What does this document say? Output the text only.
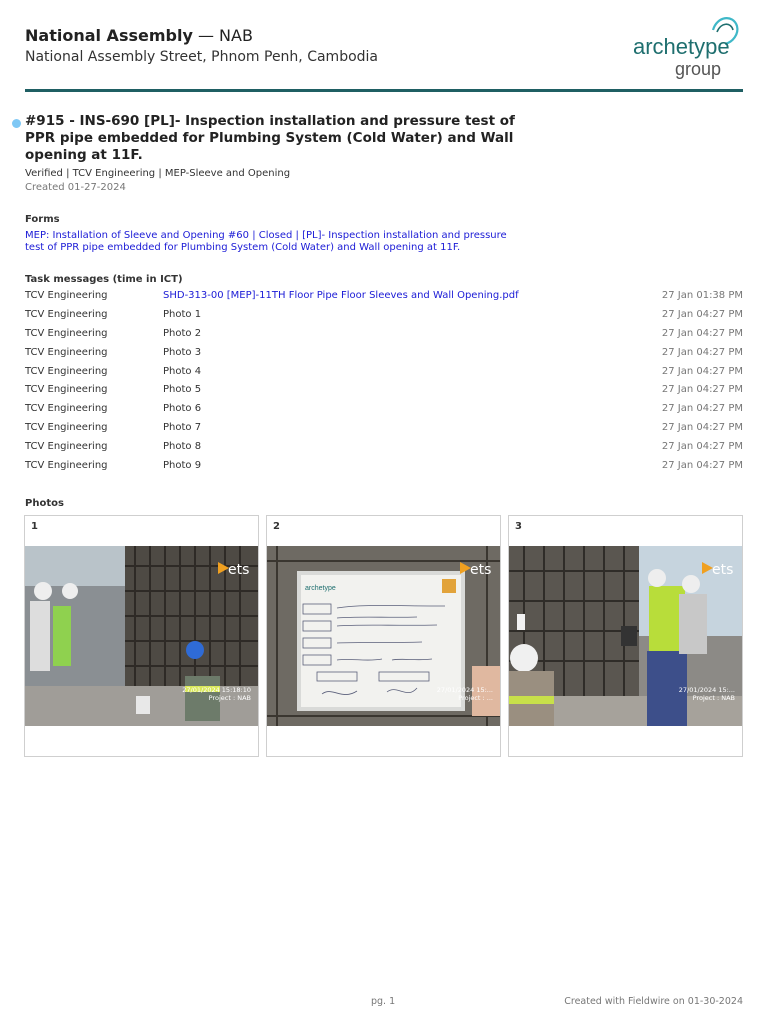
National Assembly — NAB
National Assembly Street, Phnom Penh, Cambodia	archetype
group
#915 - INS-690 [PL]- Inspection installation and pressure test of PPR pipe embedded for Plumbing System (Cold Water) and Wall opening at 11F.
Verified | TCV Engineering | MEP-Sleeve and Opening
Created 01-27-2024
Forms
MEP: Installation of Sleeve and Opening #60 | Closed | [PL]- Inspection installation and pressure test of PPR pipe embedded for Plumbing System (Cold Water) and Wall opening at 11F.
Task messages (time in ICT)
TCV Engineering	SHD-313-00 [MEP]-11TH Floor Pipe Floor Sleeves and Wall Opening.pdf	27 Jan 01:38 PM
TCV Engineering	Photo 1	27 Jan 04:27 PM
TCV Engineering	Photo 2	27 Jan 04:27 PM
TCV Engineering	Photo 3	27 Jan 04:27 PM
TCV Engineering	Photo 4	27 Jan 04:27 PM
TCV Engineering	Photo 5	27 Jan 04:27 PM
TCV Engineering	Photo 6	27 Jan 04:27 PM
TCV Engineering	Photo 7	27 Jan 04:27 PM
TCV Engineering	Photo 8	27 Jan 04:27 PM
TCV Engineering	Photo 9	27 Jan 04:27 PM
Photos
1
ets
27/01/2024 15:18:10
Project : NAB
2
archetype
ets
27/01/2024 15:...
Project : ...
3
ets
27/01/2024 15:...
Project : NAB
pg. 1	Created with Fieldwire on 01-30-2024
